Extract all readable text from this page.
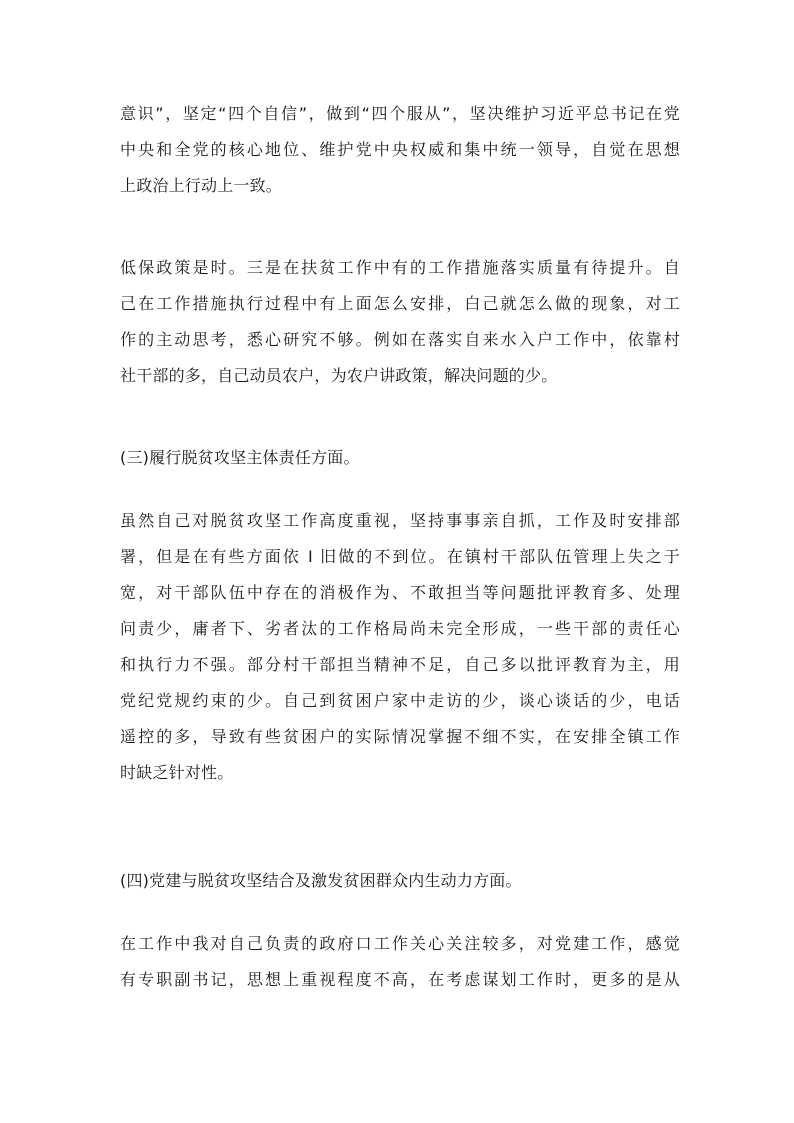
意识”，坚定“四个自信”，做到“四个服从”，坚决维护习近平总书记在党
中央和全党的核心地位、维护党中央权威和集中统一领导，自觉在思想
上政治上行动上一致。
低保政策是时。三是在扶贫工作中有的工作措施落实质量有待提升。自
己在工作措施执行过程中有上面怎么安排，白己就怎么做的现象，对工
作的主动思考，悉心研究不够。例如在落实自来水入户工作中，依靠村
社干部的多，自己动员农户，为农户讲政策，解决问题的少。
(三)履行脱贫攻坚主体责任方面。
虽然自己对脱贫攻坚工作高度重视，坚持事事亲自抓，工作及时安排部
署，但是在有些方面依 I 旧做的不到位。在镇村干部队伍管理上失之于
宽，对干部队伍中存在的消极作为、不敢担当等问题批评教育多、处理
问责少，庸者下、劣者汰的工作格局尚未完全形成，一些干部的责任心
和执行力不强。部分村干部担当精神不足，自己多以批评教育为主，用
党纪党规约束的少。自己到贫困户家中走访的少，谈心谈话的少，电话
遥控的多，导致有些贫困户的实际情况掌握不细不实，在安排全镇工作
时缺乏针对性。
(四)党建与脱贫攻坚结合及激发贫困群众内生动力方面。
在工作中我对自己负责的政府口工作关心关注较多，对党建工作，感觉
有专职副书记，思想上重视程度不高，在考虑谋划工作时，更多的是从
